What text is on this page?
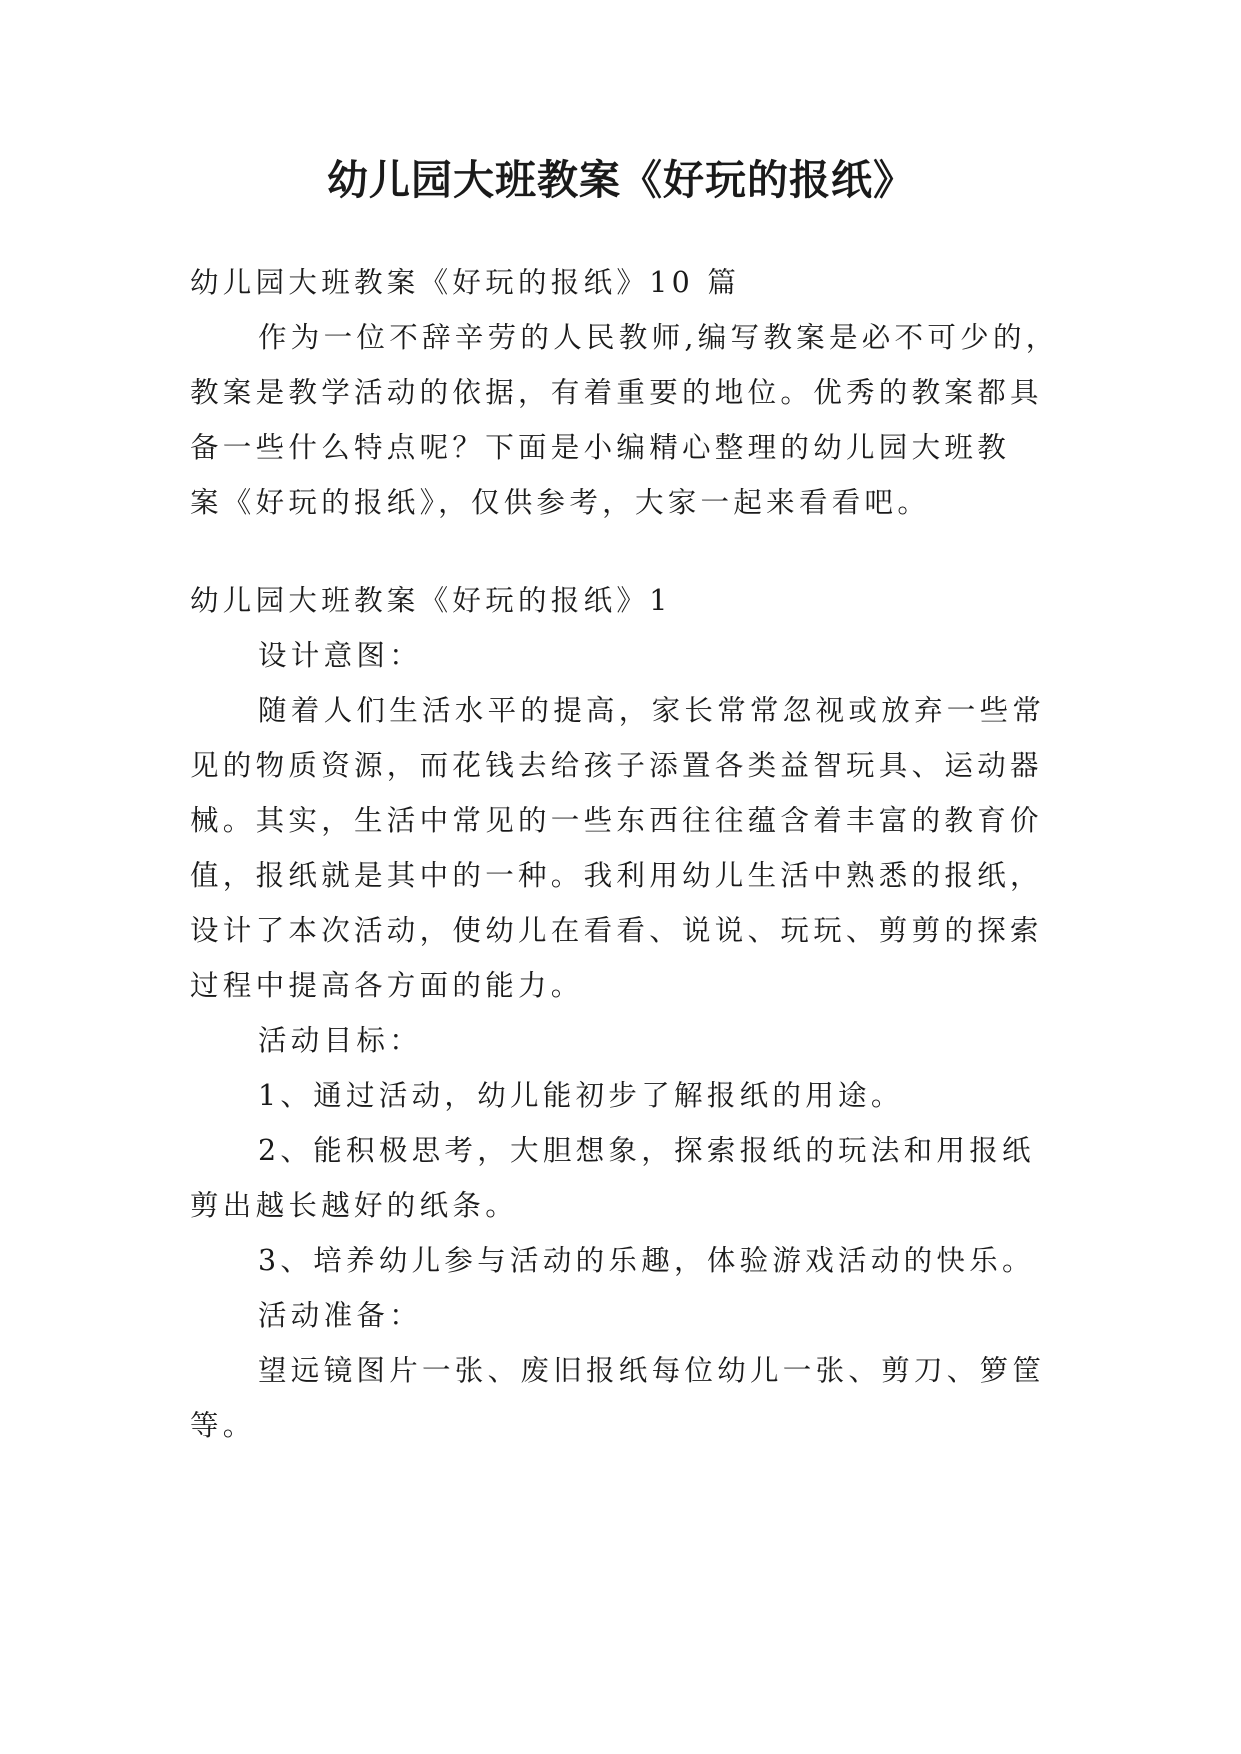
幼儿园大班教案《好玩的报纸》

幼儿园大班教案《好玩的报纸》10 篇

作为一位不辞辛劳的人民教师,编写教案是必不可少的，

教案是教学活动的依据，有着重要的地位。优秀的教案都具

备一些什么特点呢？下面是小编精心整理的幼儿园大班教

案《好玩的报纸》，仅供参考，大家一起来看看吧。

幼儿园大班教案《好玩的报纸》1

设计意图：

随着人们生活水平的提高，家长常常忽视或放弃一些常

见的物质资源，而花钱去给孩子添置各类益智玩具、运动器

械。其实，生活中常见的一些东西往往蕴含着丰富的教育价

值，报纸就是其中的一种。我利用幼儿生活中熟悉的报纸，

设计了本次活动，使幼儿在看看、说说、玩玩、剪剪的探索

过程中提高各方面的能力。

活动目标：

1、通过活动，幼儿能初步了解报纸的用途。

2、能积极思考，大胆想象，探索报纸的玩法和用报纸

剪出越长越好的纸条。

3、培养幼儿参与活动的乐趣，体验游戏活动的快乐。

活动准备：

望远镜图片一张、废旧报纸每位幼儿一张、剪刀、箩筐

等。
